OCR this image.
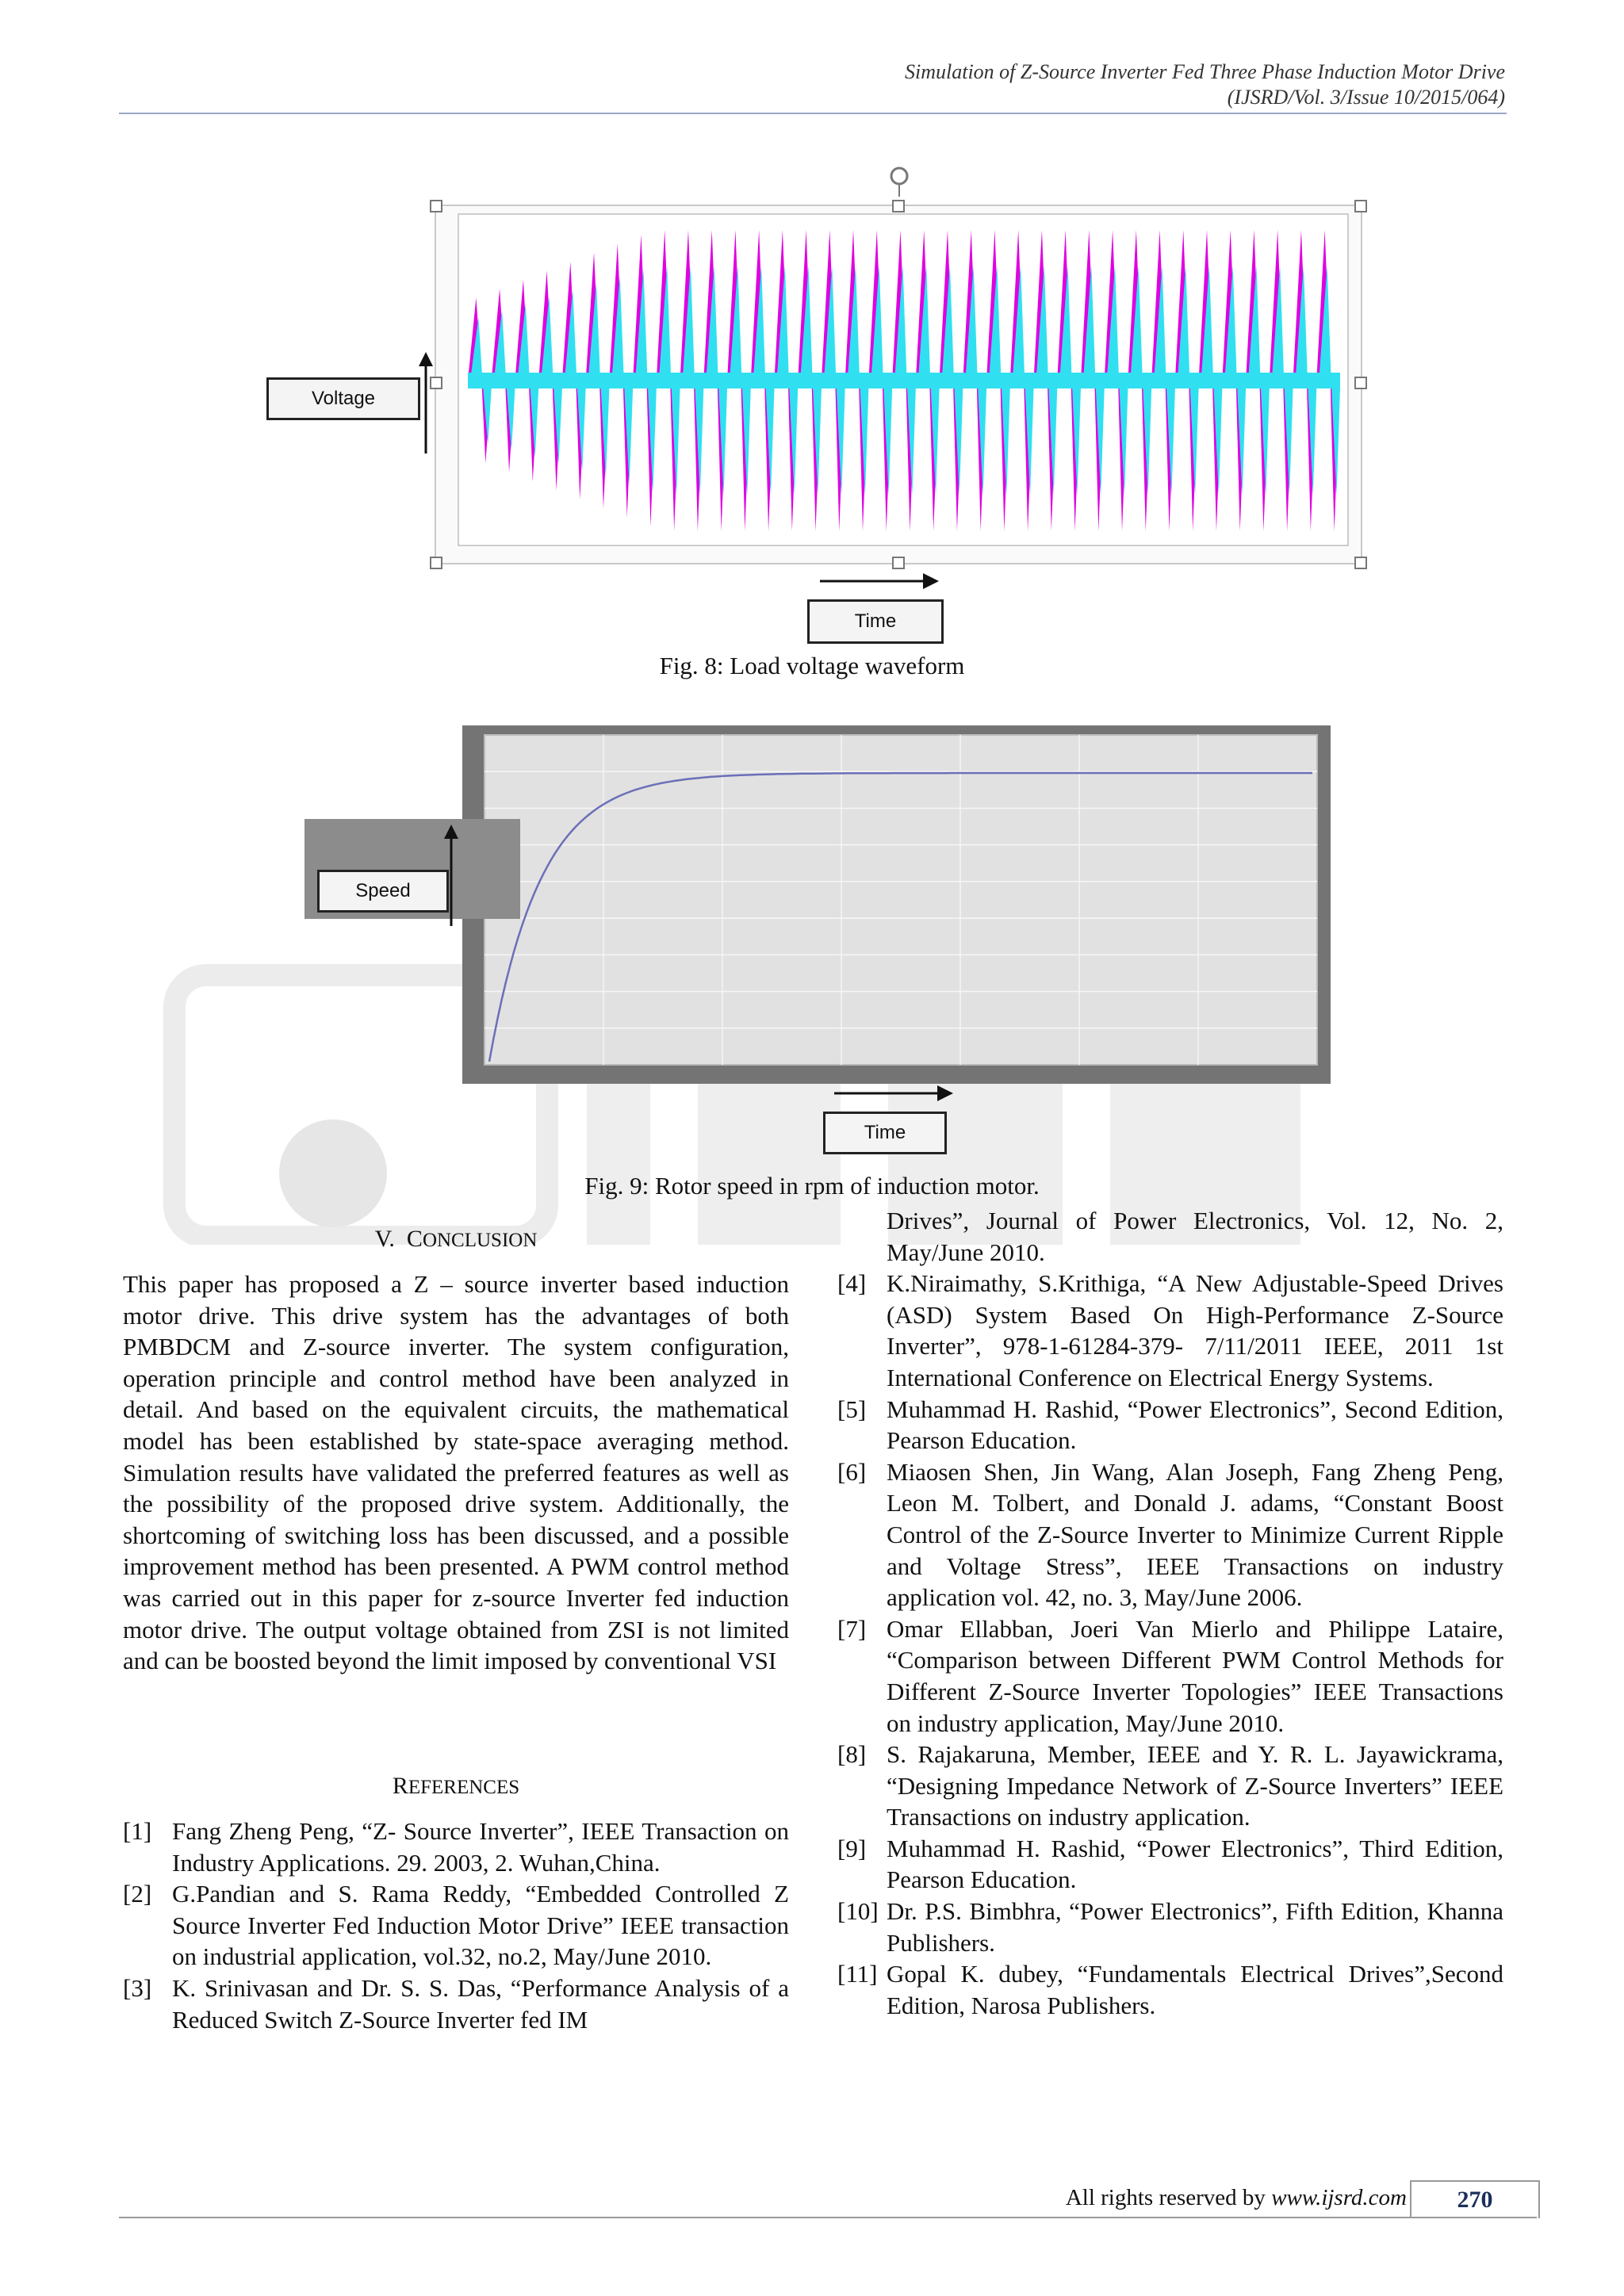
Simulation of Z-Source Inverter Fed Three Phase Induction Motor Drive
(IJSRD/Vol. 3/Issue 10/2015/064)
Voltage
Time
Fig. 8: Load voltage waveform
Speed
Time
Fig. 9: Rotor speed in rpm of induction motor.
V. CONCLUSION

This paper has proposed a Z – source inverter based induction motor drive. This drive system has the advantages of both PMBDCM and Z-source inverter. The system configuration, operation principle and control method have been analyzed in detail. And based on the equivalent circuits, the mathematical model has been established by state-space averaging method. Simulation results have validated the preferred features as well as the possibility of the proposed drive system. Additionally, the shortcoming of switching loss has been discussed, and a possible improvement method has been presented. A PWM control method was carried out in this paper for z-source Inverter fed induction motor drive. The output voltage obtained from ZSI is not limited and can be boosted beyond the limit imposed by conventional VSI

REFERENCES
[1] Fang Zheng Peng, “Z- Source Inverter”, IEEE Transaction on Industry Applications. 29. 2003, 2. Wuhan,China.
[2] G.Pandian and S. Rama Reddy, “Embedded Controlled Z Source Inverter Fed Induction Motor Drive” IEEE transaction on industrial application, vol.32, no.2, May/June 2010.
[3] K. Srinivasan and Dr. S. S. Das, “Performance Analysis of a Reduced Switch Z-Source Inverter fed IM
Drives”, Journal of Power Electronics, Vol. 12, No. 2, May/June 2010.
[4] K.Niraimathy, S.Krithiga, “A New Adjustable-Speed Drives (ASD) System Based On High-Performance Z-Source Inverter”, 978-1-61284-379- 7/11/2011 IEEE, 2011 1st International Conference on Electrical Energy Systems.
[5] Muhammad H. Rashid, “Power Electronics”, Second Edition, Pearson Education.
[6] Miaosen Shen, Jin Wang, Alan Joseph, Fang Zheng Peng, Leon M. Tolbert, and Donald J. adams, “Constant Boost Control of the Z-Source Inverter to Minimize Current Ripple and Voltage Stress”, IEEE Transactions on industry application vol. 42, no. 3, May/June 2006.
[7] Omar Ellabban, Joeri Van Mierlo and Philippe Lataire, “Comparison between Different PWM Control Methods for Different Z-Source Inverter Topologies” IEEE Transactions on industry application, May/June 2010.
[8] S. Rajakaruna, Member, IEEE and Y. R. L. Jayawickrama, “Designing Impedance Network of Z-Source Inverters” IEEE Transactions on industry application.
[9] Muhammad H. Rashid, “Power Electronics”, Third Edition, Pearson Education.
[10] Dr. P.S. Bimbhra, “Power Electronics”, Fifth Edition, Khanna Publishers.
[11] Gopal K. dubey, “Fundamentals Electrical Drives”,Second Edition, Narosa Publishers.
All rights reserved by www.ijsrd.com	270
